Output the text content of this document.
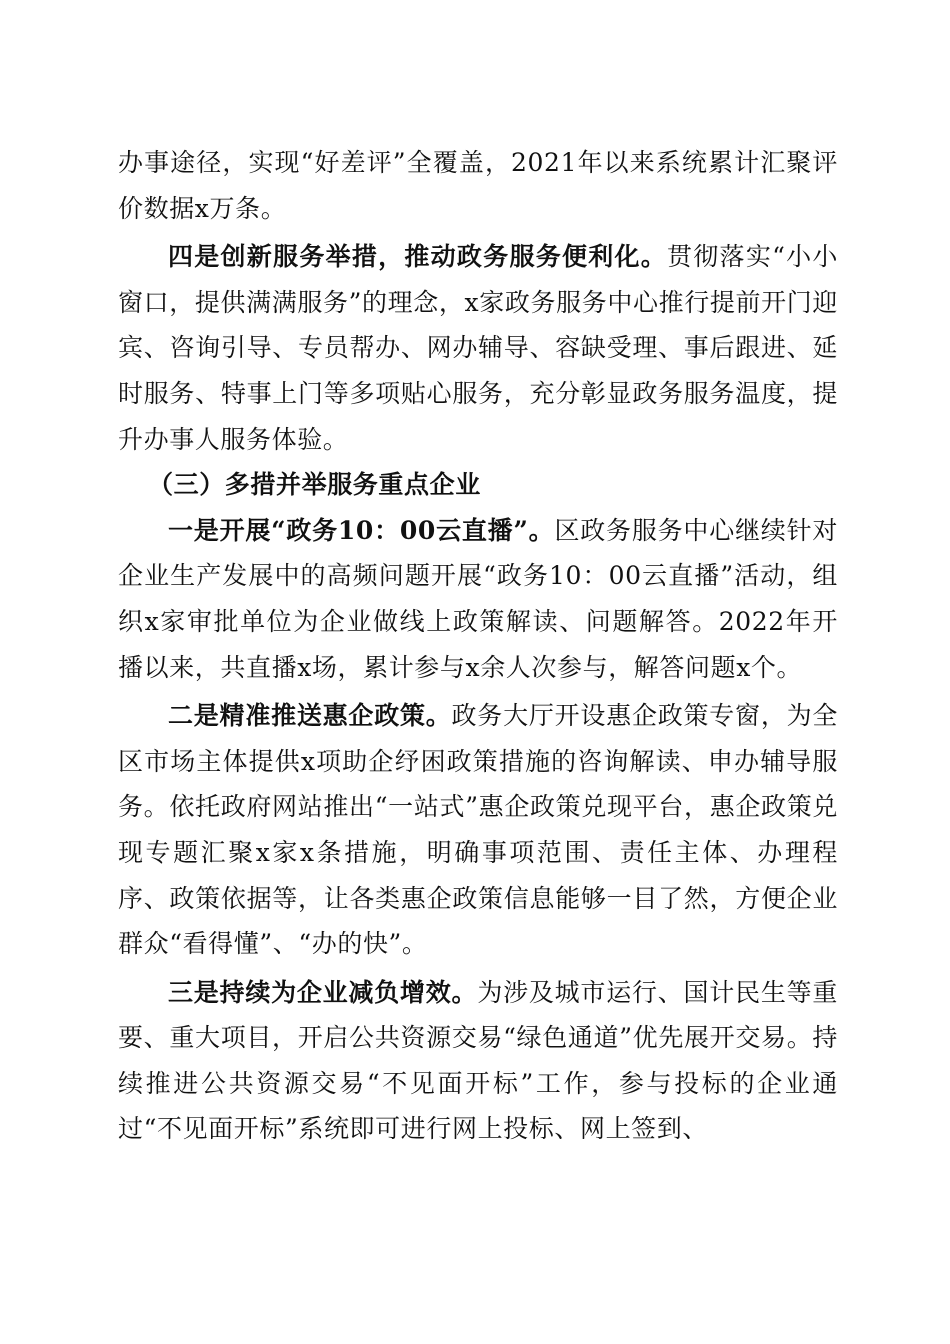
办事途径，实现“好差评”全覆盖，2021年以来系统累计汇聚评价数据x万条。

四是创新服务举措，推动政务服务便利化。贯彻落实“小小窗口，提供满满服务”的理念，x家政务服务中心推行提前开门迎宾、咨询引导、专员帮办、网办辅导、容缺受理、事后跟进、延时服务、特事上门等多项贴心服务，充分彰显政务服务温度，提升办事人服务体验。

（三）多措并举服务重点企业

一是开展“政务10：00云直播”。区政务服务中心继续针对企业生产发展中的高频问题开展“政务10：00云直播”活动，组织x家审批单位为企业做线上政策解读、问题解答。2022年开播以来，共直播x场，累计参与x余人次参与，解答问题x个。

二是精准推送惠企政策。政务大厅开设惠企政策专窗，为全区市场主体提供x项助企纾困政策措施的咨询解读、申办辅导服务。依托政府网站推出“一站式”惠企政策兑现平台，惠企政策兑现专题汇聚x家x条措施，明确事项范围、责任主体、办理程序、政策依据等，让各类惠企政策信息能够一目了然，方便企业群众“看得懂”、“办的快”。

三是持续为企业减负增效。为涉及城市运行、国计民生等重要、重大项目，开启公共资源交易“绿色通道”优先展开交易。持续推进公共资源交易“不见面开标”工作，参与投标的企业通过“不见面开标”系统即可进行网上投标、网上签到、
